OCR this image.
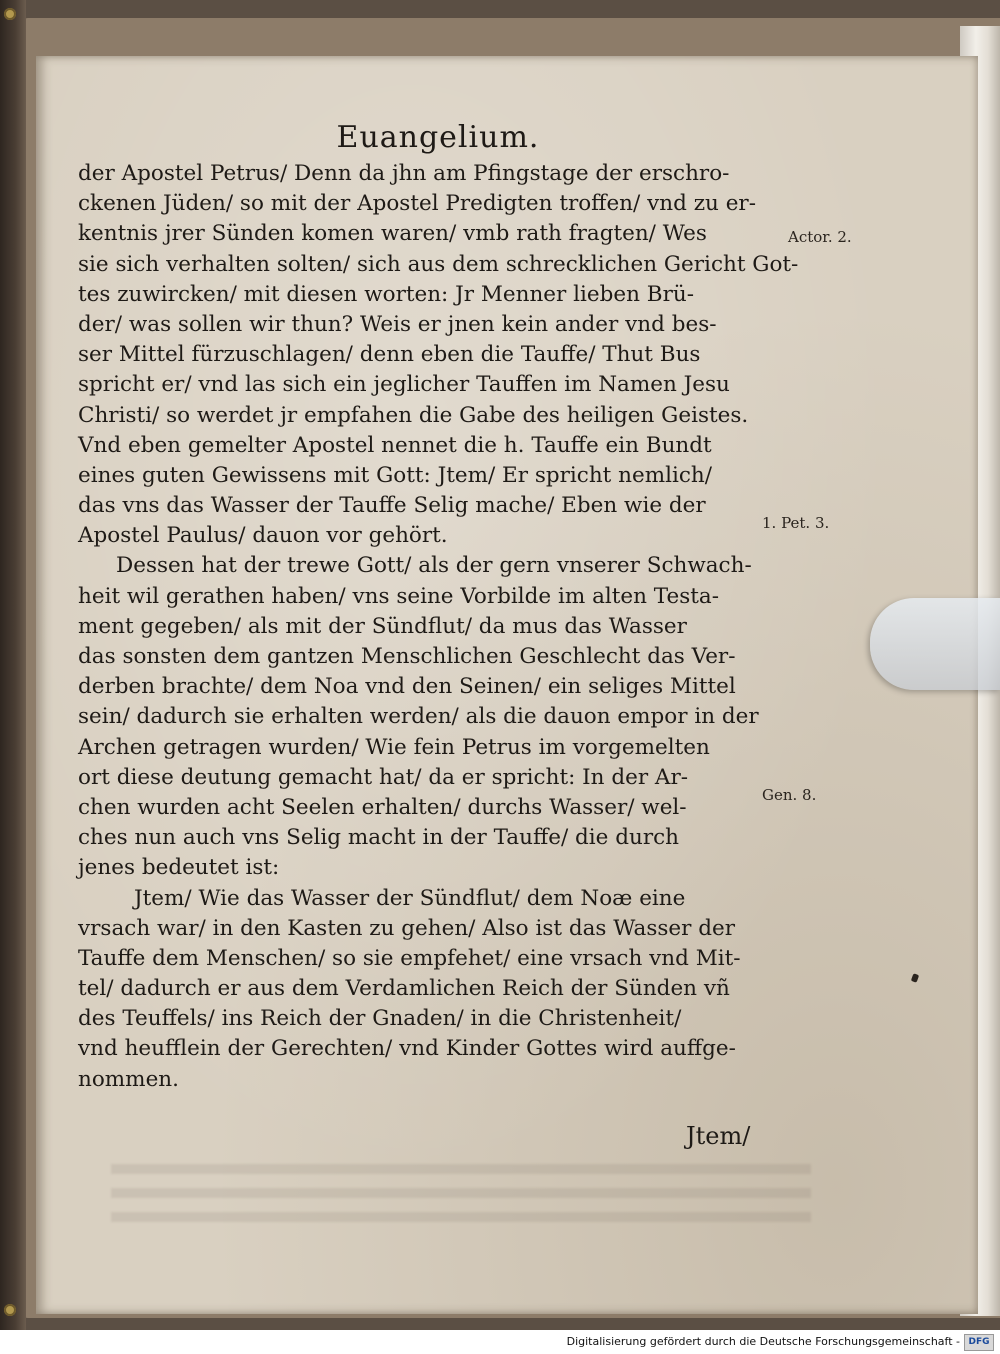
Euangelium.
der Apostel Petrus/ Denn da jhn am Pfingstage der erschro-
ckenen Jüden/ so mit der Apostel Predigten troffen/ vnd zu er-
kentnis jrer Sünden komen waren/ vmb rath fragten/ Wes
sie sich verhalten solten/ sich aus dem schrecklichen Gericht Got-
tes zuwircken/ mit diesen worten: Jr Menner lieben Brü-
der/ was sollen wir thun? Weis er jnen kein ander vnd bes-
ser Mittel fürzuschlagen/ denn eben die Tauffe/ Thut Bus
spricht er/ vnd las sich ein jeglicher Tauffen im Namen Jesu
Christi/ so werdet jr empfahen die Gabe des heiligen Geistes.
Vnd eben gemelter Apostel nennet die h. Tauffe ein Bundt
eines guten Gewissens mit Gott: Jtem/ Er spricht nemlich/
das vns das Wasser der Tauffe Selig mache/ Eben wie der
Apostel Paulus/ dauon vor gehört.
Dessen hat der trewe Gott/ als der gern vnserer Schwach-
heit wil gerathen haben/ vns seine Vorbilde im alten Testa-
ment gegeben/ als mit der Sündflut/ da mus das Wasser
das sonsten dem gantzen Menschlichen Geschlecht das Ver-
derben brachte/ dem Noa vnd den Seinen/ ein seliges Mittel
sein/ dadurch sie erhalten werden/ als die dauon empor in der
Archen getragen wurden/ Wie fein Petrus im vorgemelten
ort diese deutung gemacht hat/ da er spricht: In der Ar-
chen wurden acht Seelen erhalten/ durchs Wasser/ wel-
ches nun auch vns Selig macht in der Tauffe/ die durch
jenes bedeutet ist:
Jtem/ Wie das Wasser der Sündflut/ dem Noæ eine
vrsach war/ in den Kasten zu gehen/ Also ist das Wasser der
Tauffe dem Menschen/ so sie empfehet/ eine vrsach vnd Mit-
tel/ dadurch er aus dem Verdamlichen Reich der Sünden vñ
des Teuffels/ ins Reich der Gnaden/ in die Christenheit/
vnd heufflein der Gerechten/ vnd Kinder Gottes wird auffge-
nommen.
Jtem/
Actor. 2.
1. Pet. 3.
Gen. 8.
Digitalisierung gefördert durch die Deutsche Forschungsgemeinschaft - DFG
